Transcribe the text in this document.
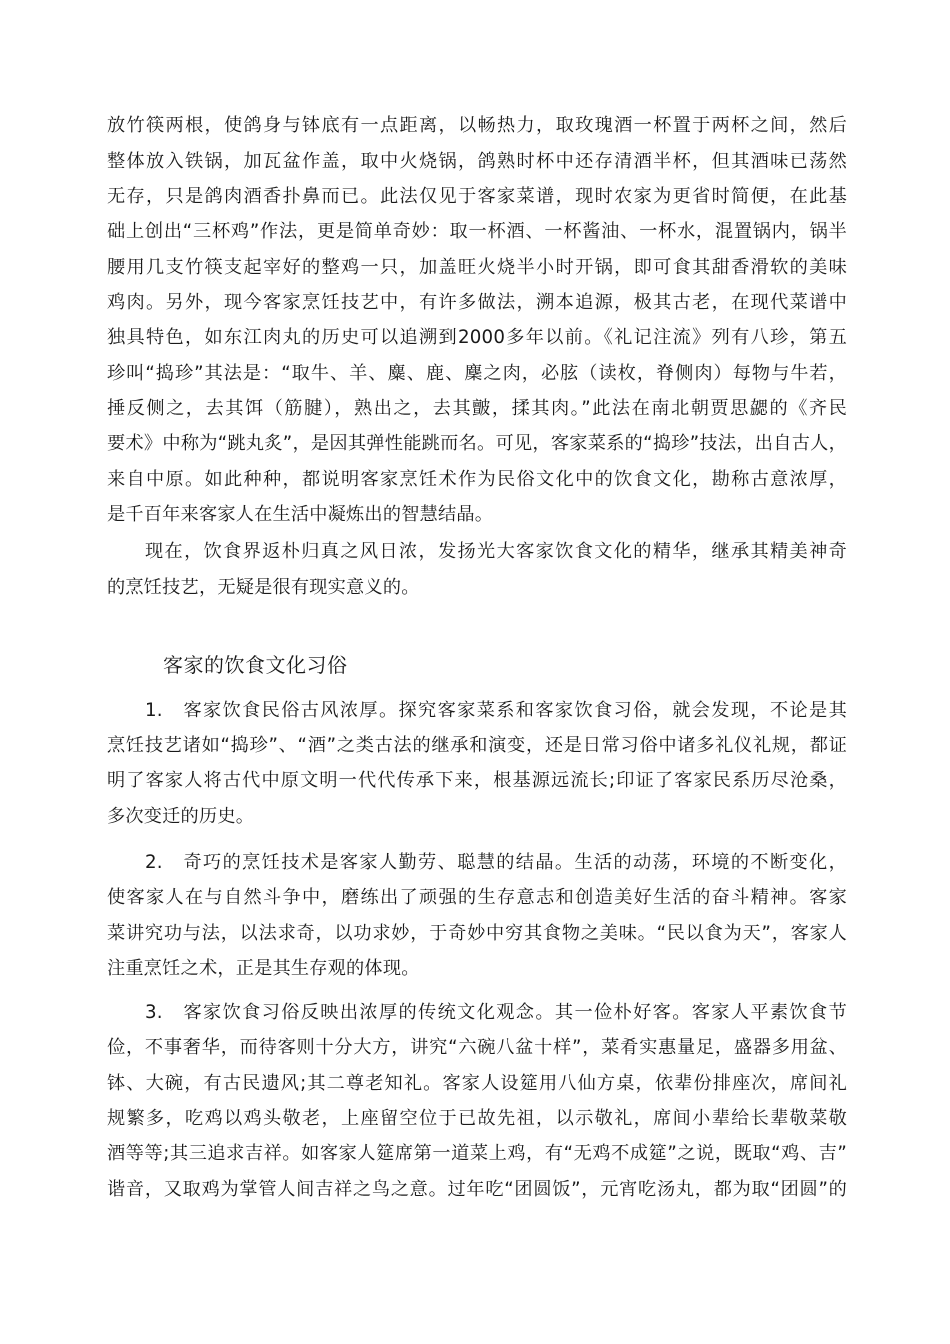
放竹筷两根，使鸽身与钵底有一点距离，以畅热力，取玫瑰酒一杯置于两杯之间，然后
整体放入铁锅，加瓦盆作盖，取中火烧锅，鸽熟时杯中还存清酒半杯，但其酒味已荡然
无存，只是鸽肉酒香扑鼻而已。此法仅见于客家菜谱，现时农家为更省时简便，在此基
础上创出“三杯鸡”作法，更是简单奇妙：取一杯酒、一杯酱油、一杯水，混置锅内，锅半
腰用几支竹筷支起宰好的整鸡一只，加盖旺火烧半小时开锅，即可食其甜香滑软的美味
鸡肉。另外，现今客家烹饪技艺中，有许多做法，溯本追源，极其古老，在现代菜谱中
独具特色，如东江肉丸的历史可以追溯到2000多年以前。《礼记注流》列有八珍，第五
珍叫“捣珍”其法是：“取牛、羊、麋、鹿、麇之肉，必胘（读枚，脊侧肉）每物与牛若，
捶反侧之，去其饵（筋腱），熟出之，去其皽，揉其肉。”此法在南北朝贾思勰的《齐民
要术》中称为“跳丸炙”，是因其弹性能跳而名。可见，客家菜系的“捣珍”技法，出自古人，
来自中原。如此种种，都说明客家烹饪术作为民俗文化中的饮食文化，勘称古意浓厚，
是千百年来客家人在生活中凝炼出的智慧结晶。
现在，饮食界返朴归真之风日浓，发扬光大客家饮食文化的精华，继承其精美神奇
的烹饪技艺，无疑是很有现实意义的。
客家的饮食文化习俗
1.　客家饮食民俗古风浓厚。探究客家菜系和客家饮食习俗，就会发现，不论是其
烹饪技艺诸如“捣珍”、“酒”之类古法的继承和演变，还是日常习俗中诸多礼仪礼规，都证
明了客家人将古代中原文明一代代传承下来，根基源远流长;印证了客家民系历尽沧桑，
多次变迁的历史。
2.　奇巧的烹饪技术是客家人勤劳、聪慧的结晶。生活的动荡，环境的不断变化，
使客家人在与自然斗争中，磨练出了顽强的生存意志和创造美好生活的奋斗精神。客家
菜讲究功与法，以法求奇，以功求妙，于奇妙中穷其食物之美味。“民以食为天”，客家人
注重烹饪之术，正是其生存观的体现。
3.　客家饮食习俗反映出浓厚的传统文化观念。其一俭朴好客。客家人平素饮食节
俭，不事奢华，而待客则十分大方，讲究“六碗八盆十样”，菜肴实惠量足，盛器多用盆、
钵、大碗，有古民遗风;其二尊老知礼。客家人设筵用八仙方桌，依辈份排座次，席间礼
规繁多，吃鸡以鸡头敬老，上座留空位于已故先祖，以示敬礼，席间小辈给长辈敬菜敬
酒等等;其三追求吉祥。如客家人筵席第一道菜上鸡，有“无鸡不成筵”之说，既取“鸡、吉”
谐音，又取鸡为掌管人间吉祥之鸟之意。过年吃“团圆饭”，元宵吃汤丸，都为取“团圆”的
